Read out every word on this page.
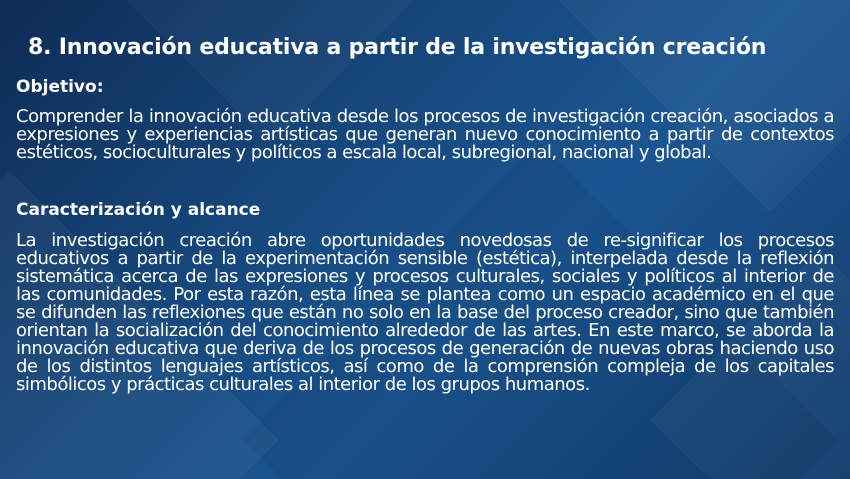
8. Innovación educativa a partir de la investigación creación
Objetivo:
Comprender la innovación educativa desde los procesos de investigación creación, asociados a expresiones y experiencias artísticas que generan nuevo conocimiento a partir de contextos estéticos, socioculturales y políticos a escala local, subregional, nacional y global.
Caracterización y alcance
La investigación creación abre oportunidades novedosas de re-significar los procesos educativos a partir de la experimentación sensible (estética), interpelada desde la reflexión sistemática acerca de las expresiones y procesos culturales, sociales y políticos al interior de las comunidades. Por esta razón, esta línea se plantea como un espacio académico en el que se difunden las reflexiones que están no solo en la base del proceso creador, sino que también orientan la socialización del conocimiento alrededor de las artes. En este marco, se aborda la innovación educativa que deriva de los procesos de generación de nuevas obras haciendo uso de los distintos lenguajes artísticos, así como de la comprensión compleja de los capitales simbólicos y prácticas culturales al interior de los grupos humanos.
